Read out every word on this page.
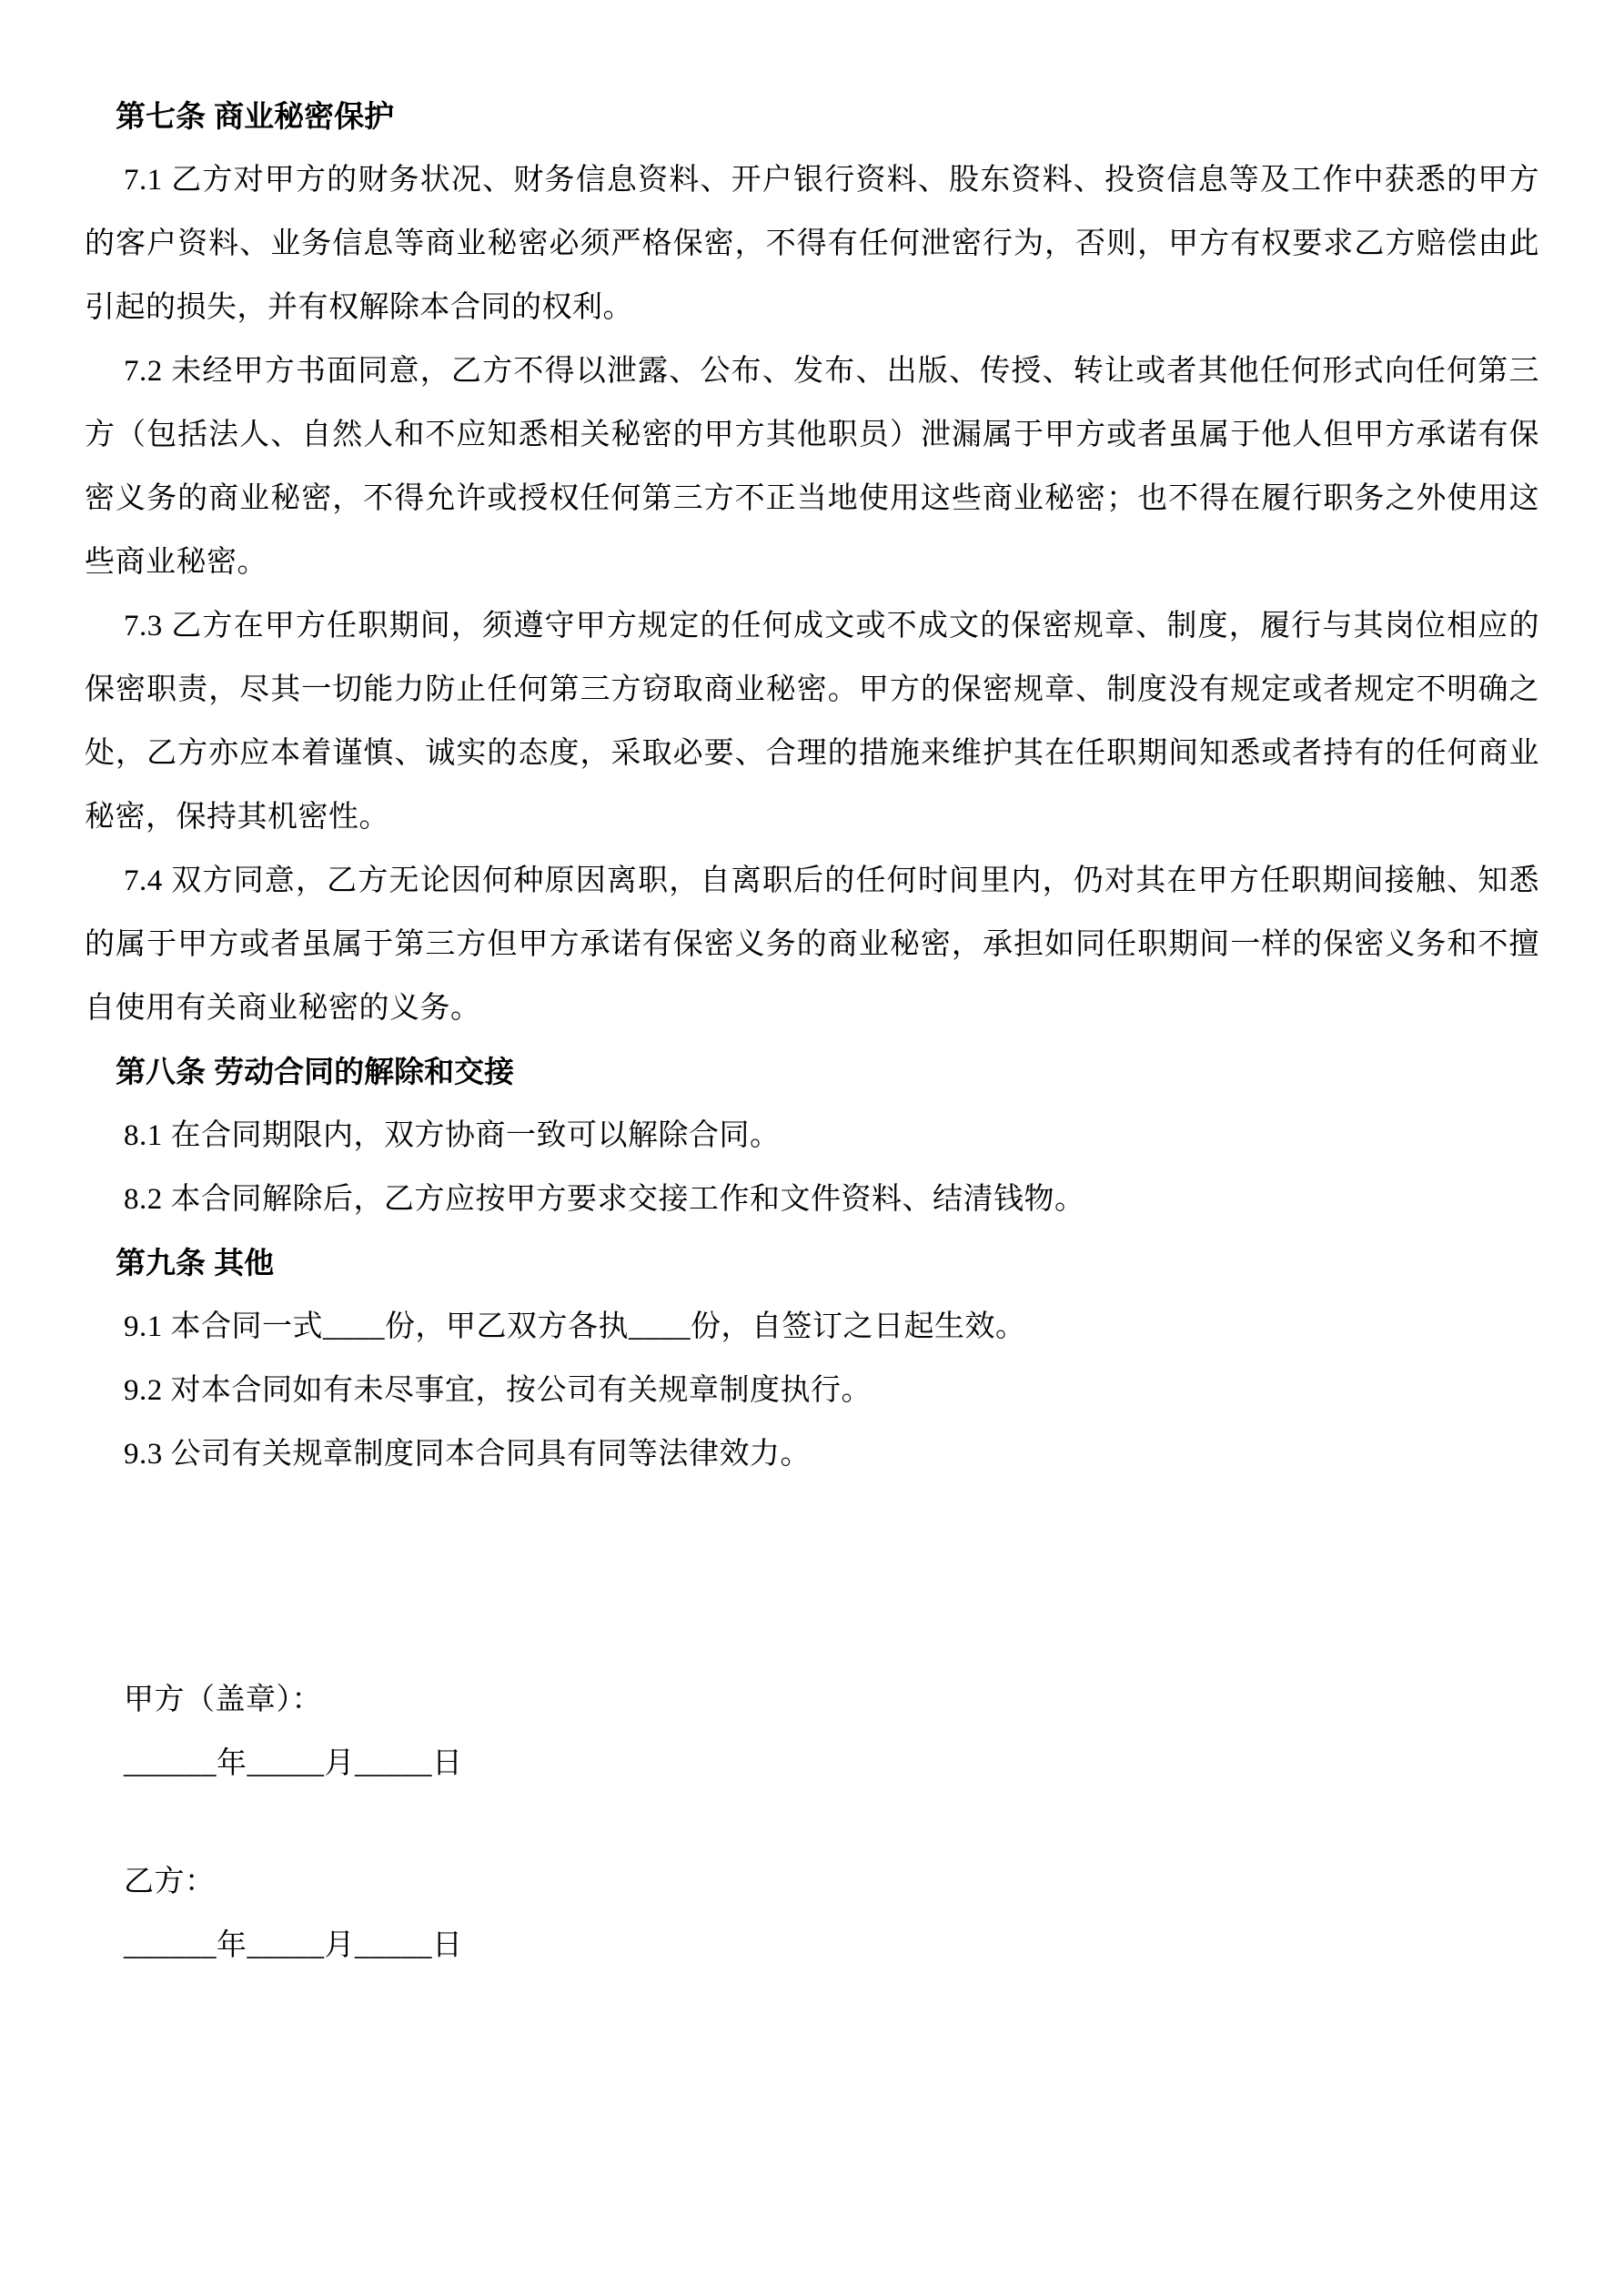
第七条 商业秘密保护
7.1 乙方对甲方的财务状况、财务信息资料、开户银行资料、股东资料、投资信息等及工作中获悉的甲方的客户资料、业务信息等商业秘密必须严格保密，不得有任何泄密行为，否则，甲方有权要求乙方赔偿由此引起的损失，并有权解除本合同的权利。
7.2 未经甲方书面同意，乙方不得以泄露、公布、发布、出版、传授、转让或者其他任何形式向任何第三方（包括法人、自然人和不应知悉相关秘密的甲方其他职员）泄漏属于甲方或者虽属于他人但甲方承诺有保密义务的商业秘密，不得允许或授权任何第三方不正当地使用这些商业秘密；也不得在履行职务之外使用这些商业秘密。
7.3 乙方在甲方任职期间，须遵守甲方规定的任何成文或不成文的保密规章、制度，履行与其岗位相应的保密职责，尽其一切能力防止任何第三方窃取商业秘密。甲方的保密规章、制度没有规定或者规定不明确之处，乙方亦应本着谨慎、诚实的态度，采取必要、合理的措施来维护其在任职期间知悉或者持有的任何商业秘密，保持其机密性。
7.4 双方同意，乙方无论因何种原因离职，自离职后的任何时间里内，仍对其在甲方任职期间接触、知悉的属于甲方或者虽属于第三方但甲方承诺有保密义务的商业秘密，承担如同任职期间一样的保密义务和不擅自使用有关商业秘密的义务。
第八条 劳动合同的解除和交接
8.1 在合同期限内，双方协商一致可以解除合同。
8.2 本合同解除后，乙方应按甲方要求交接工作和文件资料、结清钱物。
第九条 其他
9.1 本合同一式____份，甲乙双方各执____份，自签订之日起生效。
9.2 对本合同如有未尽事宜，按公司有关规章制度执行。
9.3 公司有关规章制度同本合同具有同等法律效力。
甲方（盖章）：
______年_____月_____日
乙方：
______年_____月_____日
